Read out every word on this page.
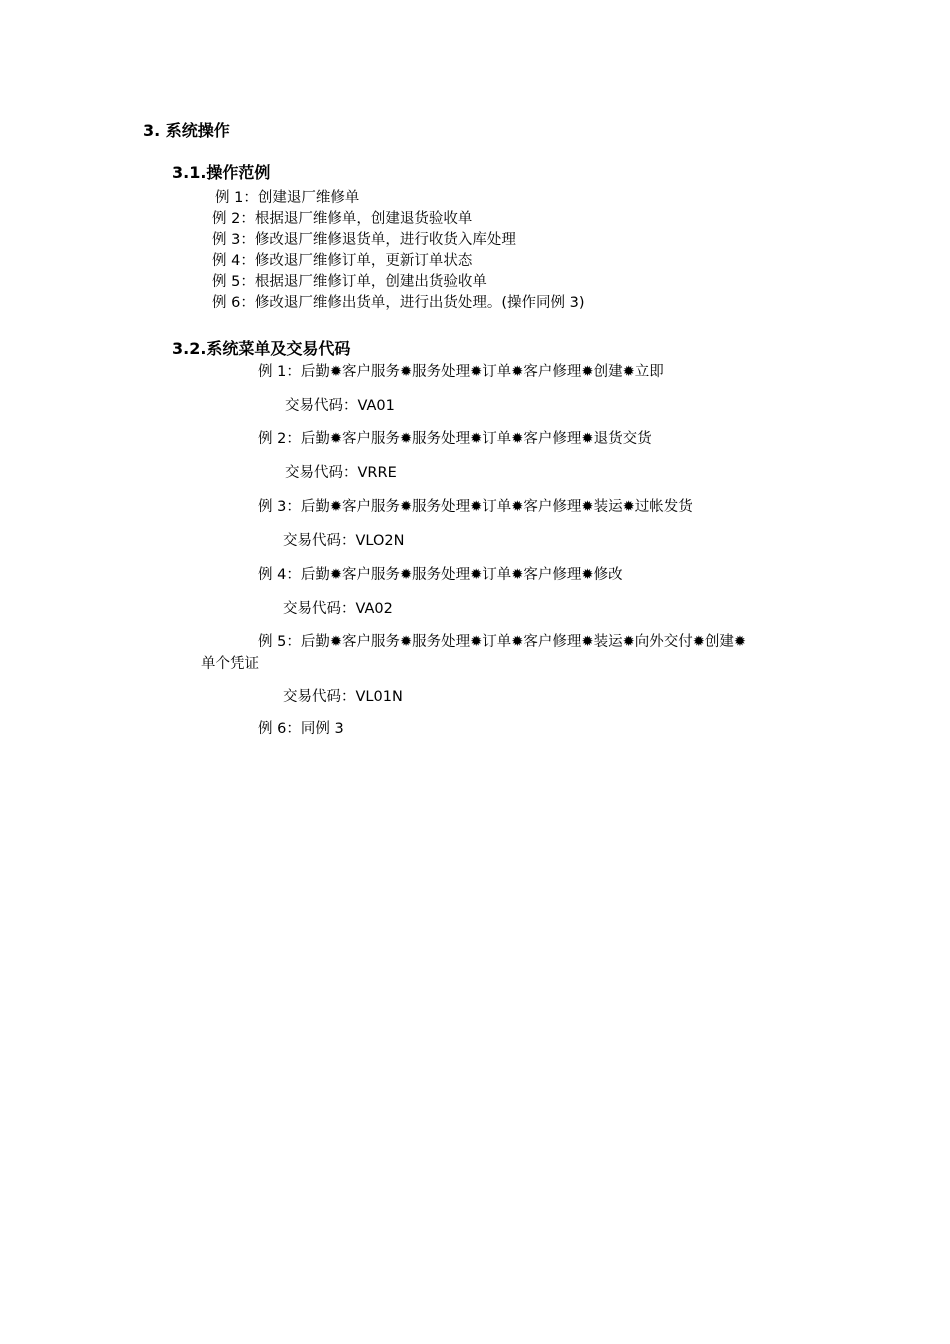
3. 系统操作
3.1.操作范例

例 1：创建退厂维修单

例 2：根据退厂维修单，创建退货验收单

例 3：修改退厂维修退货单，进行收货入库处理

例 4：修改退厂维修订单，更新订单状态

例 5：根据退厂维修订单，创建出货验收单

例 6：修改退厂维修出货单，进行出货处理。(操作同例 3)

3.2.系统菜单及交易代码

例 1：后勤✹客户服务✹服务处理✹订单✹客户修理✹创建✹立即

交易代码：VA01

例 2：后勤✹客户服务✹服务处理✹订单✹客户修理✹退货交货

交易代码：VRRE

例 3：后勤✹客户服务✹服务处理✹订单✹客户修理✹装运✹过帐发货

交易代码：VLO2N

例 4：后勤✹客户服务✹服务处理✹订单✹客户修理✹修改

交易代码：VA02

例 5：后勤✹客户服务✹服务处理✹订单✹客户修理✹装运✹向外交付✹创建✹

单个凭证

交易代码：VL01N

例 6：同例 3
